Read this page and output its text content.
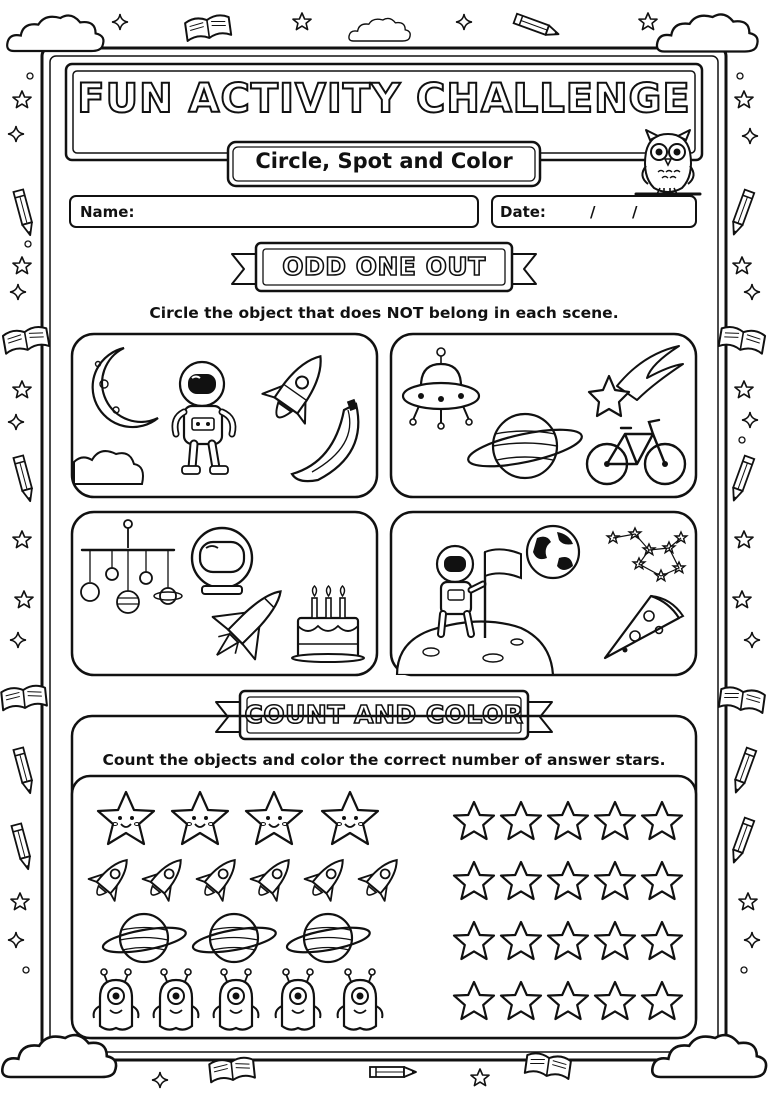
FUN ACTIVITY CHALLENGE
Circle, Spot and Color
Name:	Date:	/ /
ODD ONE OUT
Circle the object that does NOT belong in each scene.
COUNT AND COLOR
Count the objects and color the correct number of answer stars.
